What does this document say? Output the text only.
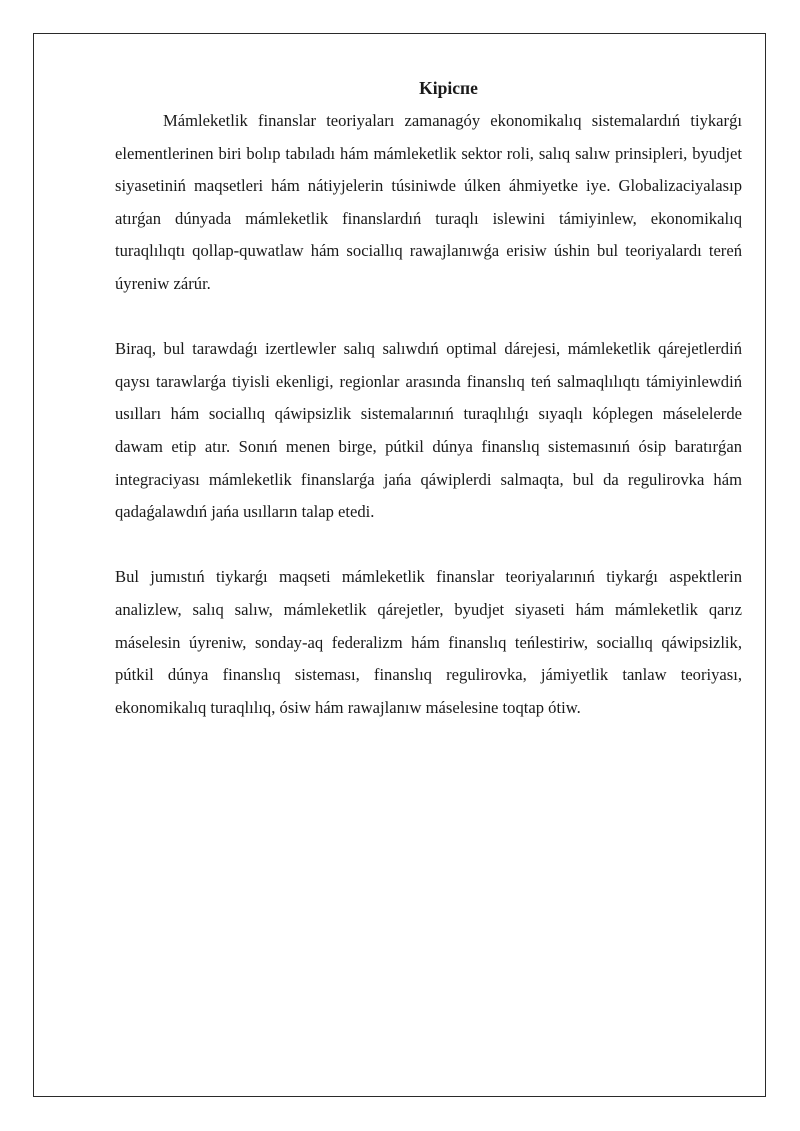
Kipicпе

Mámleketlik finanslar teoriyaları zamanagóy ekonomikalıq sistemalardıń tiykarǵı elementlerinen biri bolıp tabıladı hám mámleketlik sektor roli, salıq salıw prinsipleri, byudjet siyasetiniń maqsetleri hám nátiyjelerin túsiniwde úlken áhmiyetke iye. Globalizaciyalasıp atırǵan dúnyada mámleketlik finanslardıń turaqlı islewini támiyinlew, ekonomikalıq turaqlılıqtı qollap-quwatlaw hám sociallıq rawajlanıwǵa erisiw úshin bul teoriyalardı tereń úyreniw zárúr.

Biraq, bul tarawdaǵı izertlewler salıq salıwdıń optimal dárejesi, mámleketlik qárejetlerdiń qaysı tarawlarǵa tiyisli ekenligi, regionlar arasında finanslıq teń salmaqlılıqtı támiyinlewdiń usılları hám sociallıq qáwipsizlik sistemalarınıń turaqlılıǵı sıyaqlı kóplegen máselelerde dawam etip atır. Sonıń menen birge, pútkil dúnya finanslıq sistemasınıń ósip baratırǵan integraciyası mámleketlik finanslarǵa jańa qáwiplerdi salmaqta, bul da regulirovka hám qadaǵalawdıń jańa usılların talap etedi.

Bul jumıstıń tiykarǵı maqseti mámleketlik finanslar teoriyalarınıń tiykarǵı aspektlerin analizlew, salıq salıw, mámleketlik qárejetler, byudjet siyaseti hám mámleketlik qarız máselesin úyreniw, sonday-aq federalizm hám finanslıq teńlestiriw, sociallıq qáwipsizlik, pútkil dúnya finanslıq sisteması, finanslıq regulirovka, jámiyetlik tanlaw teoriyası, ekonomikalıq turaqlılıq, ósiw hám rawajlanıw máselesine toqtap ótiw.
